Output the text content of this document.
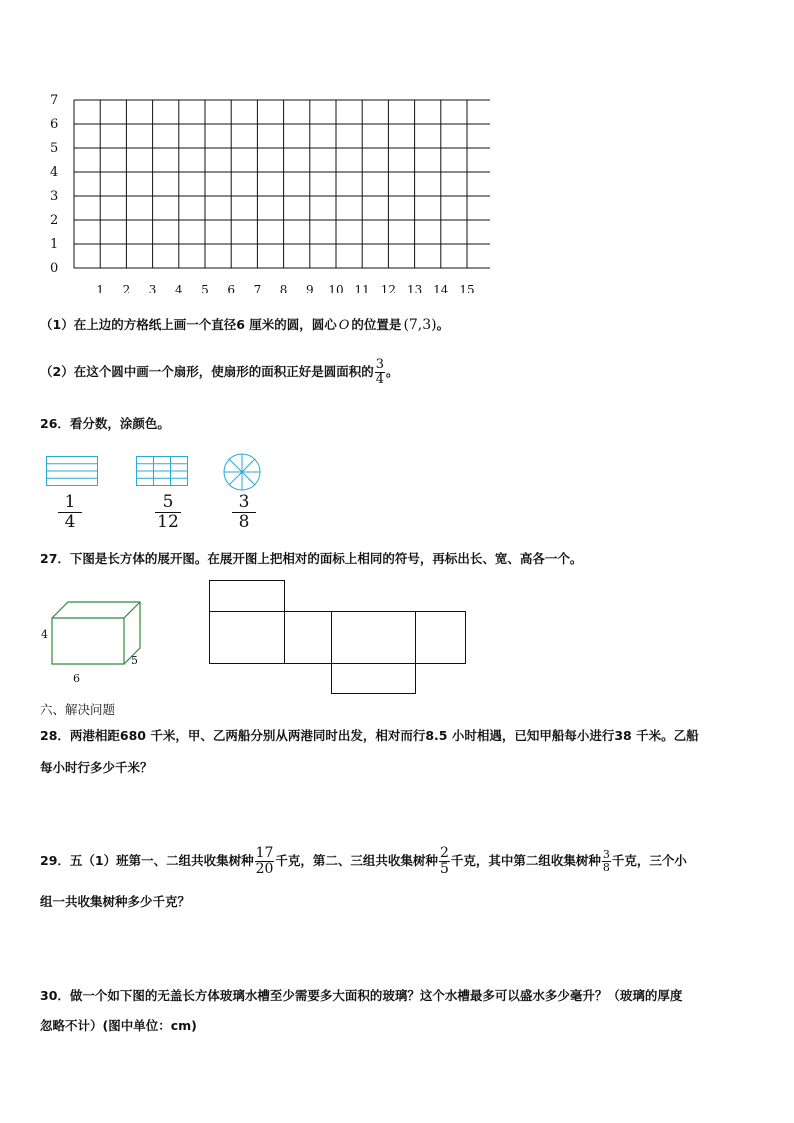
7
6
5
4
3
2
1
0
1 2 3 4 5 6 7 8 9 10 11 12 13 14 15
（1）在上边的方格纸上画一个直径6 厘米的圆，圆心 O 的位置是 (7,3)。
（2）在这个圆中画一个扇形，使扇形的面积正好是圆面积的 $\frac{3}{4}$ 。
26．看分数，涂颜色。
$\frac{1}{4}$	$\frac{5}{12}$	$\frac{3}{8}$
27．下图是长方体的展开图。在展开图上把相对的面标上相同的符号，再标出长、宽、高各一个。
4
6
5
六、解决问题
28．两港相距680 千米，甲、乙两船分别从两港同时出发，相对而行8.5 小时相遇，已知甲船每小进行38 千米。乙船
每小时行多少千米？
29．五（1）班第一、二组共收集树种 $\frac{17}{20}$ 千克，第二、三组共收集树种 $\frac{2}{5}$ 千克，其中第二组收集树种 $\frac{3}{8}$ 千克，三个小
组一共收集树种多少千克？
30．做一个如下图的无盖长方体玻璃水槽至少需要多大面积的玻璃？这个水槽最多可以盛水多少毫升？（玻璃的厚度
忽略不计）(图中单位：cm)
